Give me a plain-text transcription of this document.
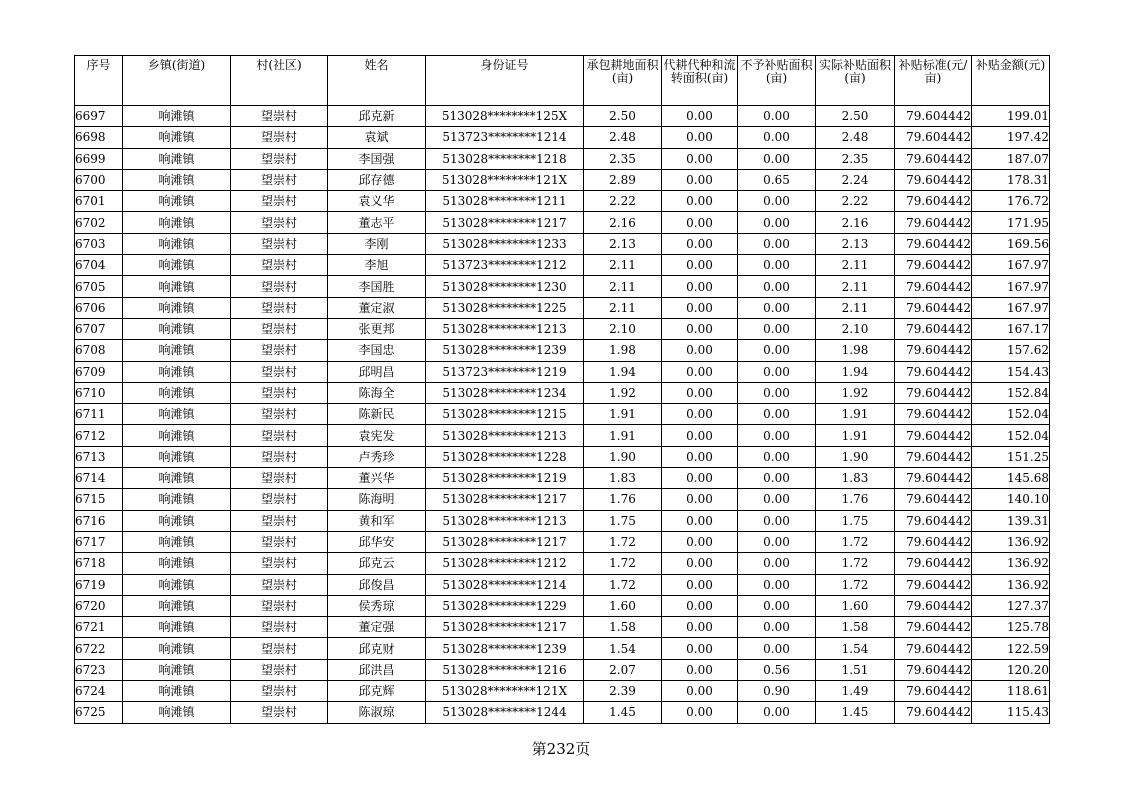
序号	乡镇(街道)	村(社区)	姓名	身份证号	承包耕地面积(亩)	代耕代种和流转面积(亩)	不予补贴面积(亩)	实际补贴面积(亩)	补贴标准(元/亩)	补贴金额(元)
6697	响滩镇	望崇村	邱克新	513028********125X	2.50	0.00	0.00	2.50	79.604442	199.01
6698	响滩镇	望崇村	袁斌	513723********1214	2.48	0.00	0.00	2.48	79.604442	197.42
6699	响滩镇	望崇村	李国强	513028********1218	2.35	0.00	0.00	2.35	79.604442	187.07
6700	响滩镇	望崇村	邱存德	513028********121X	2.89	0.00	0.65	2.24	79.604442	178.31
6701	响滩镇	望崇村	袁义华	513028********1211	2.22	0.00	0.00	2.22	79.604442	176.72
6702	响滩镇	望崇村	董志平	513028********1217	2.16	0.00	0.00	2.16	79.604442	171.95
6703	响滩镇	望崇村	李刚	513028********1233	2.13	0.00	0.00	2.13	79.604442	169.56
6704	响滩镇	望崇村	李旭	513723********1212	2.11	0.00	0.00	2.11	79.604442	167.97
6705	响滩镇	望崇村	李国胜	513028********1230	2.11	0.00	0.00	2.11	79.604442	167.97
6706	响滩镇	望崇村	董定淑	513028********1225	2.11	0.00	0.00	2.11	79.604442	167.97
6707	响滩镇	望崇村	张更邦	513028********1213	2.10	0.00	0.00	2.10	79.604442	167.17
6708	响滩镇	望崇村	李国忠	513028********1239	1.98	0.00	0.00	1.98	79.604442	157.62
6709	响滩镇	望崇村	邱明昌	513723********1219	1.94	0.00	0.00	1.94	79.604442	154.43
6710	响滩镇	望崇村	陈海全	513028********1234	1.92	0.00	0.00	1.92	79.604442	152.84
6711	响滩镇	望崇村	陈新民	513028********1215	1.91	0.00	0.00	1.91	79.604442	152.04
6712	响滩镇	望崇村	袁宪发	513028********1213	1.91	0.00	0.00	1.91	79.604442	152.04
6713	响滩镇	望崇村	卢秀珍	513028********1228	1.90	0.00	0.00	1.90	79.604442	151.25
6714	响滩镇	望崇村	董兴华	513028********1219	1.83	0.00	0.00	1.83	79.604442	145.68
6715	响滩镇	望崇村	陈海明	513028********1217	1.76	0.00	0.00	1.76	79.604442	140.10
6716	响滩镇	望崇村	黄和军	513028********1213	1.75	0.00	0.00	1.75	79.604442	139.31
6717	响滩镇	望崇村	邱华安	513028********1217	1.72	0.00	0.00	1.72	79.604442	136.92
6718	响滩镇	望崇村	邱克云	513028********1212	1.72	0.00	0.00	1.72	79.604442	136.92
6719	响滩镇	望崇村	邱俊昌	513028********1214	1.72	0.00	0.00	1.72	79.604442	136.92
6720	响滩镇	望崇村	侯秀琼	513028********1229	1.60	0.00	0.00	1.60	79.604442	127.37
6721	响滩镇	望崇村	董定强	513028********1217	1.58	0.00	0.00	1.58	79.604442	125.78
6722	响滩镇	望崇村	邱克财	513028********1239	1.54	0.00	0.00	1.54	79.604442	122.59
6723	响滩镇	望崇村	邱洪昌	513028********1216	2.07	0.00	0.56	1.51	79.604442	120.20
6724	响滩镇	望崇村	邱克辉	513028********121X	2.39	0.00	0.90	1.49	79.604442	118.61
6725	响滩镇	望崇村	陈淑琼	513028********1244	1.45	0.00	0.00	1.45	79.604442	115.43
第232页
